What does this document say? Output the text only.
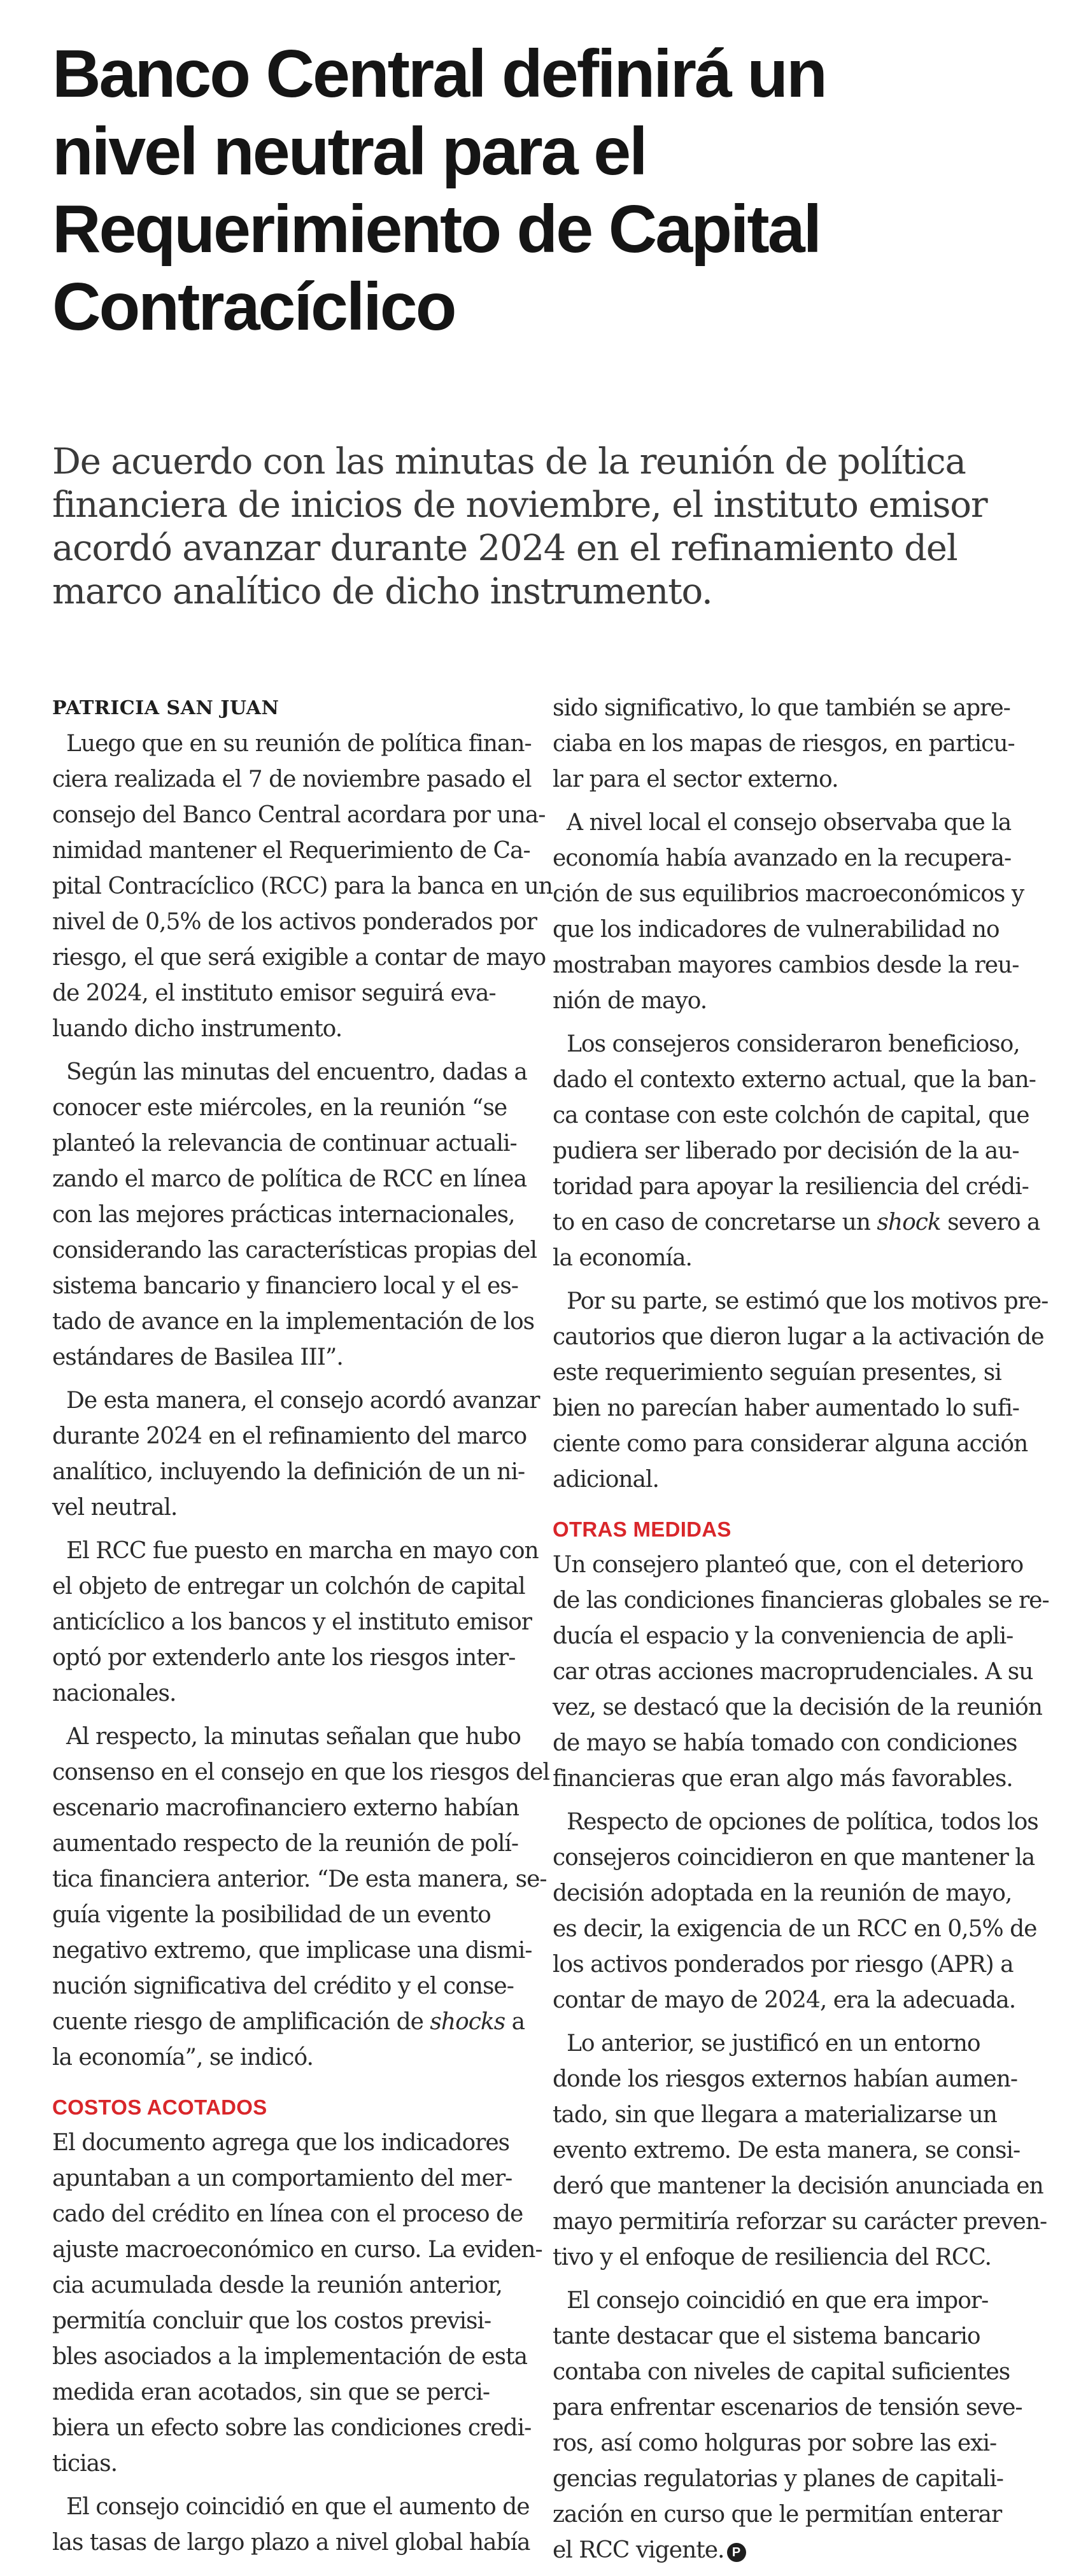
Banco Central definirá un
nivel neutral para el
Requerimiento de Capital
Contracíclico

De acuerdo con las minutas de la reunión de política
financiera de inicios de noviembre, el instituto emisor
acordó avanzar durante 2024 en el refinamiento del
marco analítico de dicho instrumento.

PATRICIA SAN JUAN

Luego que en su reunión de política finan-
ciera realizada el 7 de noviembre pasado el
consejo del Banco Central acordara por una-
nimidad mantener el Requerimiento de Ca-
pital Contracíclico (RCC) para la banca en un
nivel de 0,5% de los activos ponderados por
riesgo, el que será exigible a contar de mayo
de 2024, el instituto emisor seguirá eva-
luando dicho instrumento.

Según las minutas del encuentro, dadas a
conocer este miércoles, en la reunión “se
planteó la relevancia de continuar actuali-
zando el marco de política de RCC en línea
con las mejores prácticas internacionales,
considerando las características propias del
sistema bancario y financiero local y el es-
tado de avance en la implementación de los
estándares de Basilea III”.

De esta manera, el consejo acordó avanzar
durante 2024 en el refinamiento del marco
analítico, incluyendo la definición de un ni-
vel neutral.

El RCC fue puesto en marcha en mayo con
el objeto de entregar un colchón de capital
anticíclico a los bancos y el instituto emisor
optó por extenderlo ante los riesgos inter-
nacionales.

Al respecto, la minutas señalan que hubo
consenso en el consejo en que los riesgos del
escenario macrofinanciero externo habían
aumentado respecto de la reunión de polí-
tica financiera anterior. “De esta manera, se-
guía vigente la posibilidad de un evento
negativo extremo, que implicase una dismi-
nución significativa del crédito y el conse-
cuente riesgo de amplificación de shocks a
la economía”, se indicó.

COSTOS ACOTADOS

El documento agrega que los indicadores
apuntaban a un comportamiento del mer-
cado del crédito en línea con el proceso de
ajuste macroeconómico en curso. La eviden-
cia acumulada desde la reunión anterior,
permitía concluir que los costos previsi-
bles asociados a la implementación de esta
medida eran acotados, sin que se perci-
biera un efecto sobre las condiciones credi-
ticias.

El consejo coincidió en que el aumento de
las tasas de largo plazo a nivel global había

sido significativo, lo que también se apre-
ciaba en los mapas de riesgos, en particu-
lar para el sector externo.

A nivel local el consejo observaba que la
economía había avanzado en la recupera-
ción de sus equilibrios macroeconómicos y
que los indicadores de vulnerabilidad no
mostraban mayores cambios desde la reu-
nión de mayo.

Los consejeros consideraron beneficioso,
dado el contexto externo actual, que la ban-
ca contase con este colchón de capital, que
pudiera ser liberado por decisión de la au-
toridad para apoyar la resiliencia del crédi-
to en caso de concretarse un shock severo a
la economía.

Por su parte, se estimó que los motivos pre-
cautorios que dieron lugar a la activación de
este requerimiento seguían presentes, si
bien no parecían haber aumentado lo sufi-
ciente como para considerar alguna acción
adicional.

OTRAS MEDIDAS

Un consejero planteó que, con el deterioro
de las condiciones financieras globales se re-
ducía el espacio y la conveniencia de apli-
car otras acciones macroprudenciales. A su
vez, se destacó que la decisión de la reunión
de mayo se había tomado con condiciones
financieras que eran algo más favorables.

Respecto de opciones de política, todos los
consejeros coincidieron en que mantener la
decisión adoptada en la reunión de mayo,
es decir, la exigencia de un RCC en 0,5% de
los activos ponderados por riesgo (APR) a
contar de mayo de 2024, era la adecuada.

Lo anterior, se justificó en un entorno
donde los riesgos externos habían aumen-
tado, sin que llegara a materializarse un
evento extremo. De esta manera, se consi-
deró que mantener la decisión anunciada en
mayo permitiría reforzar su carácter preven-
tivo y el enfoque de resiliencia del RCC.

El consejo coincidió en que era impor-
tante destacar que el sistema bancario
contaba con niveles de capital suficientes
para enfrentar escenarios de tensión seve-
ros, así como holguras por sobre las exi-
gencias regulatorias y planes de capitali-
zación en curso que le permitían enterar
el RCC vigente. P
